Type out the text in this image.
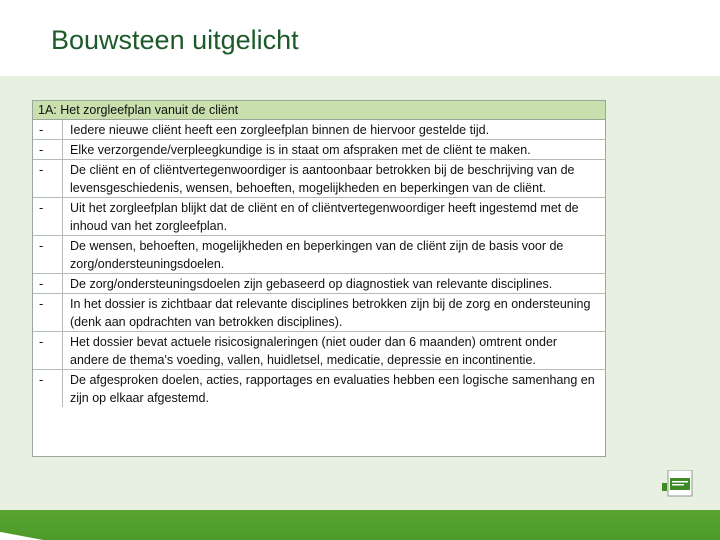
Bouwsteen uitgelicht
1A: Het zorgleefplan vanuit de cliënt
-	Iedere nieuwe cliënt heeft een zorgleefplan binnen de hiervoor gestelde tijd.
-	Elke verzorgende/verpleegkundige is in staat om afspraken met de cliënt te maken.
-	De cliënt en of cliëntvertegenwoordiger is aantoonbaar betrokken bij de beschrijving van de levensgeschiedenis, wensen, behoeften, mogelijkheden en beperkingen van de cliënt.
-	Uit het zorgleefplan blijkt dat de cliënt en of cliëntvertegenwoordiger heeft ingestemd met de inhoud van het zorgleefplan.
-	De wensen, behoeften, mogelijkheden en beperkingen van de cliënt zijn de basis voor de zorg/ondersteuningsdoelen.
-	De zorg/ondersteuningsdoelen zijn gebaseerd op diagnostiek van relevante disciplines.
-	In het dossier is zichtbaar dat relevante disciplines betrokken zijn bij de zorg en ondersteuning (denk aan opdrachten van betrokken disciplines).
-	Het dossier bevat actuele risicosignaleringen (niet ouder dan 6 maanden) omtrent onder andere de thema's voeding, vallen, huidletsel, medicatie, depressie en incontinentie.
-	De afgesproken doelen, acties, rapportages en evaluaties hebben een logische samenhang en zijn op elkaar afgestemd.
